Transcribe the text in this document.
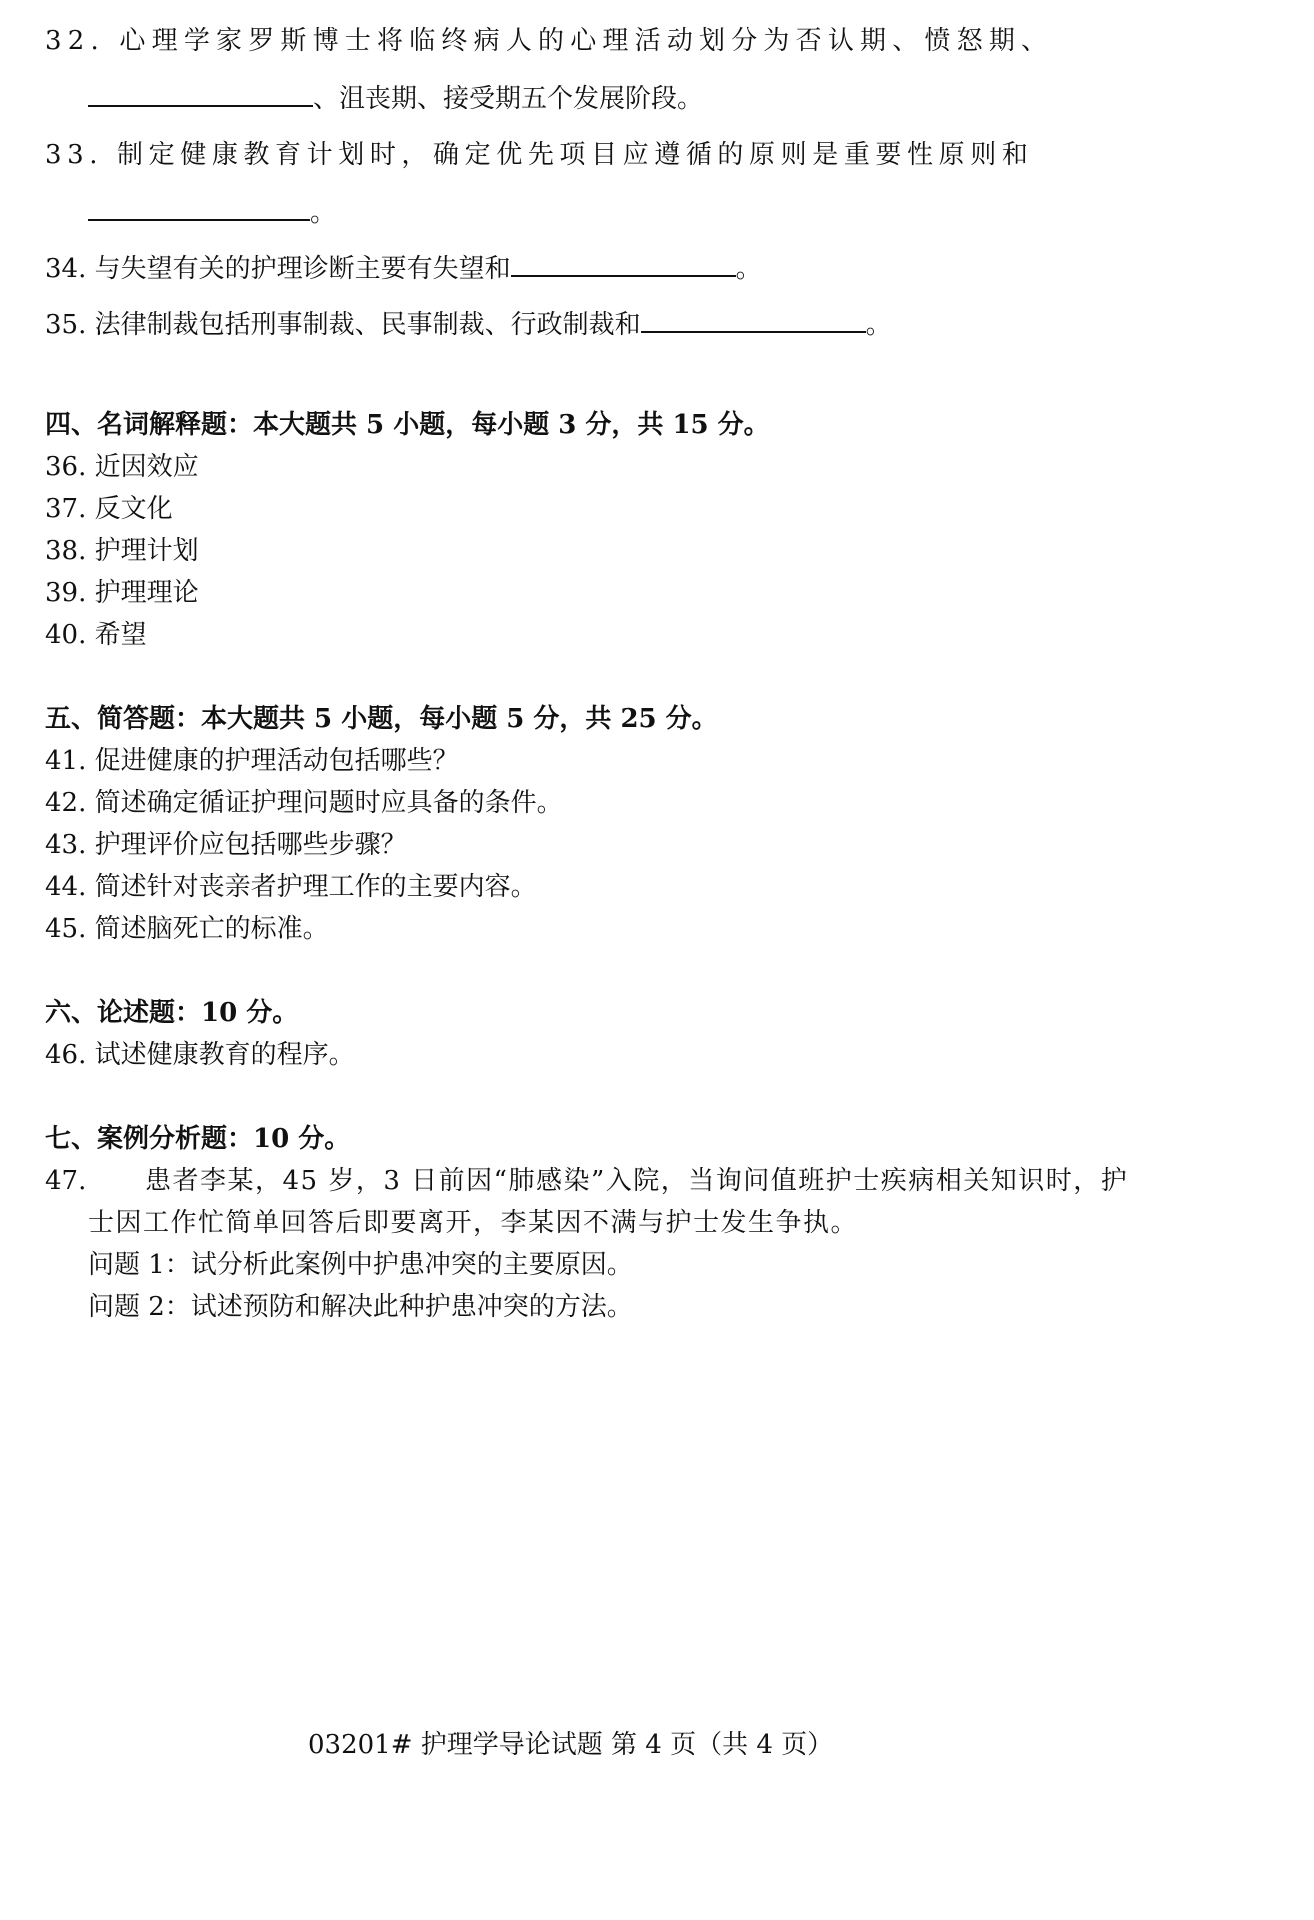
32. 心理学家罗斯博士将临终病人的心理活动划分为否认期、愤怒期、
、沮丧期、接受期五个发展阶段。
33. 制定健康教育计划时，确定优先项目应遵循的原则是重要性原则和
。
34. 与失望有关的护理诊断主要有失望和	。
35. 法律制裁包括刑事制裁、民事制裁、行政制裁和	。
四、名词解释题：本大题共 5 小题，每小题 3 分，共 15 分。
36. 近因效应
37. 反文化
38. 护理计划
39. 护理理论
40. 希望
五、简答题：本大题共 5 小题，每小题 5 分，共 25 分。
41. 促进健康的护理活动包括哪些？
42. 简述确定循证护理问题时应具备的条件。
43. 护理评价应包括哪些步骤？
44. 简述针对丧亲者护理工作的主要内容。
45. 简述脑死亡的标准。
六、论述题：10 分。
46. 试述健康教育的程序。
七、案例分析题：10 分。
47. 患者李某，45 岁，3 日前因“肺感染”入院，当询问值班护士疾病相关知识时，护
士因工作忙简单回答后即要离开，李某因不满与护士发生争执。
问题 1：试分析此案例中护患冲突的主要原因。
问题 2：试述预防和解决此种护患冲突的方法。
03201# 护理学导论试题 第 4 页（共 4 页）
